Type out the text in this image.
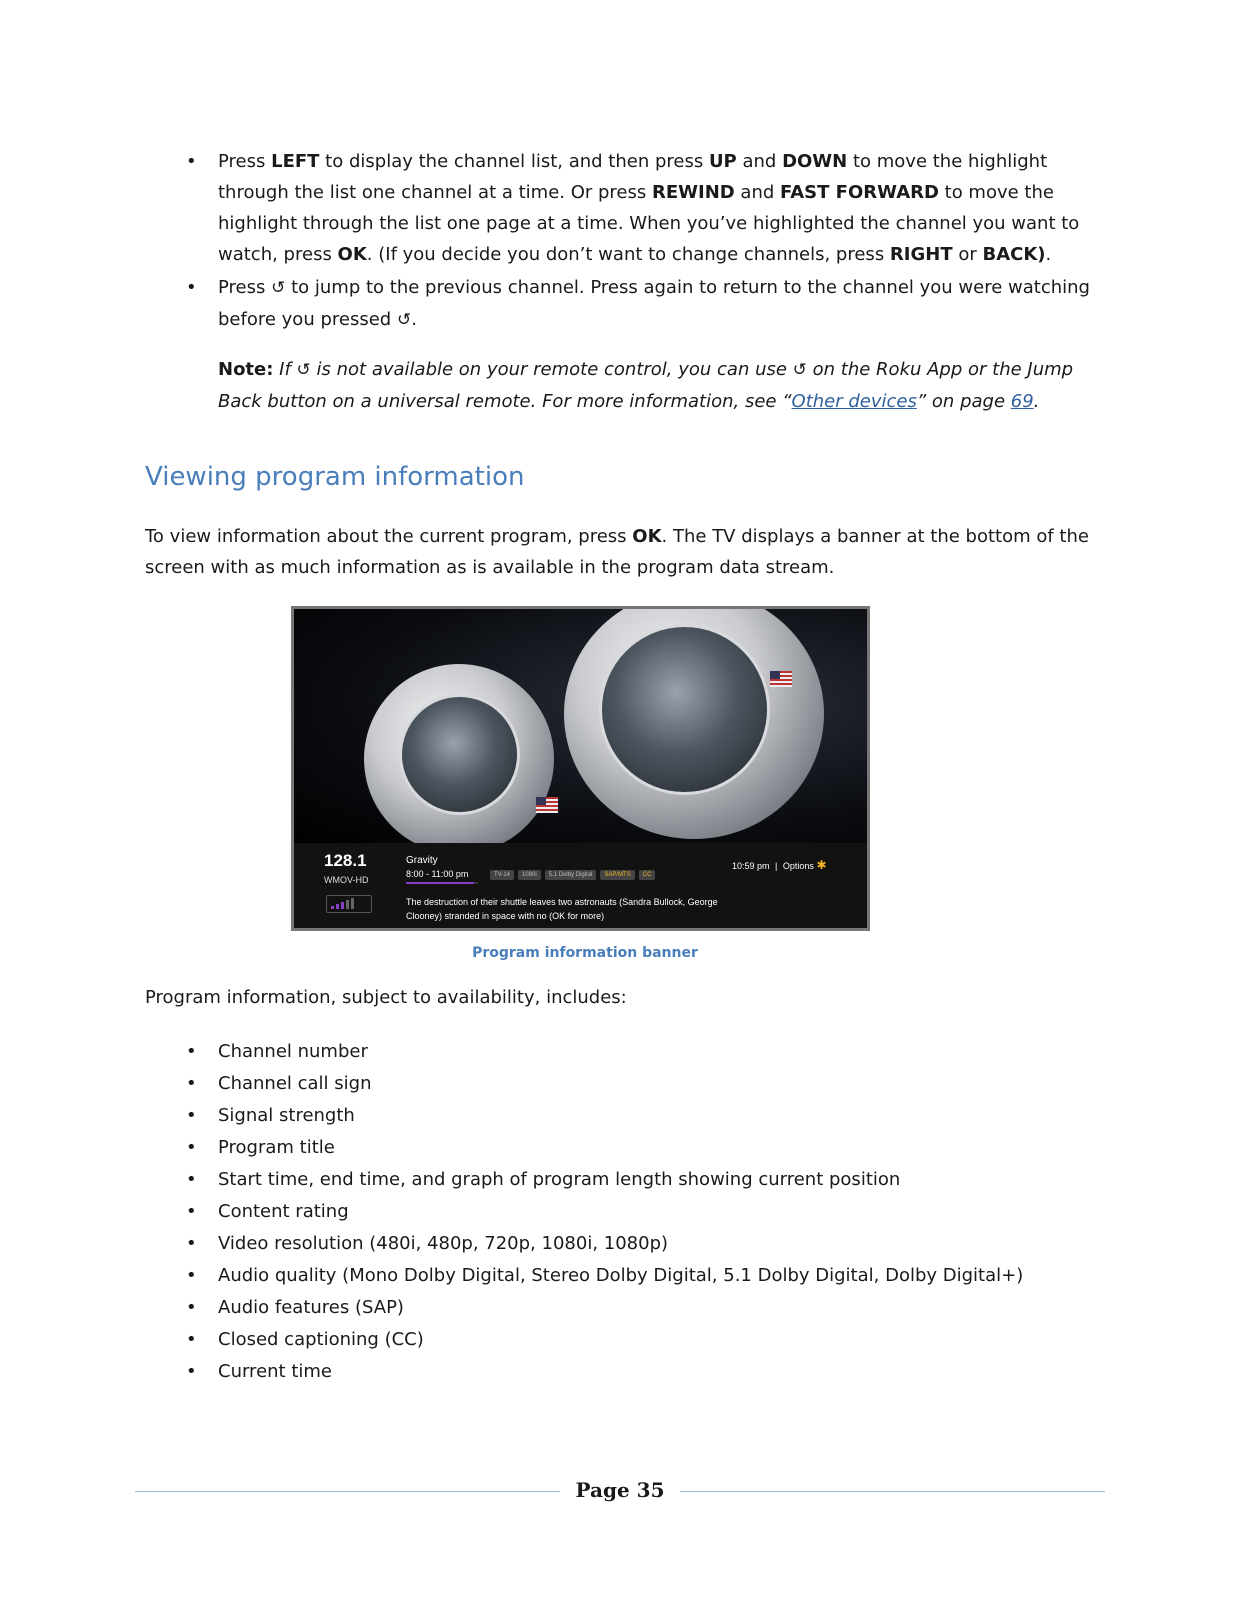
• Press LEFT to display the channel list, and then press UP and DOWN to move the highlight through the list one channel at a time. Or press REWIND and FAST FORWARD to move the highlight through the list one page at a time. When you’ve highlighted the channel you want to watch, press OK. (If you decide you don’t want to change channels, press RIGHT or BACK).
• Press ↺ to jump to the previous channel. Press again to return to the channel you were watching before you pressed ↺.

Note: If ↺ is not available on your remote control, you can use ↺ on the Roku App or the Jump Back button on a universal remote. For more information, see “Other devices” on page 69.

Viewing program information

To view information about the current program, press OK. The TV displays a banner at the bottom of the screen with as much information as is available in the program data stream.

128.1
WMOV-HD
Gravity
8:00 - 11:00 pm	TV-14	1080i	5.1 Dolby Digital	SAP/MTS	CC
10:59 pm | Options ✱
The destruction of their shuttle leaves two astronauts (Sandra Bullock, George Clooney) stranded in space with no (OK for more)
Program information banner

Program information, subject to availability, includes:

• Channel number
• Channel call sign
• Signal strength
• Program title
• Start time, end time, and graph of program length showing current position
• Content rating
• Video resolution (480i, 480p, 720p, 1080i, 1080p)
• Audio quality (Mono Dolby Digital, Stereo Dolby Digital, 5.1 Dolby Digital, Dolby Digital+)
• Audio features (SAP)
• Closed captioning (CC)
• Current time
Page 35
